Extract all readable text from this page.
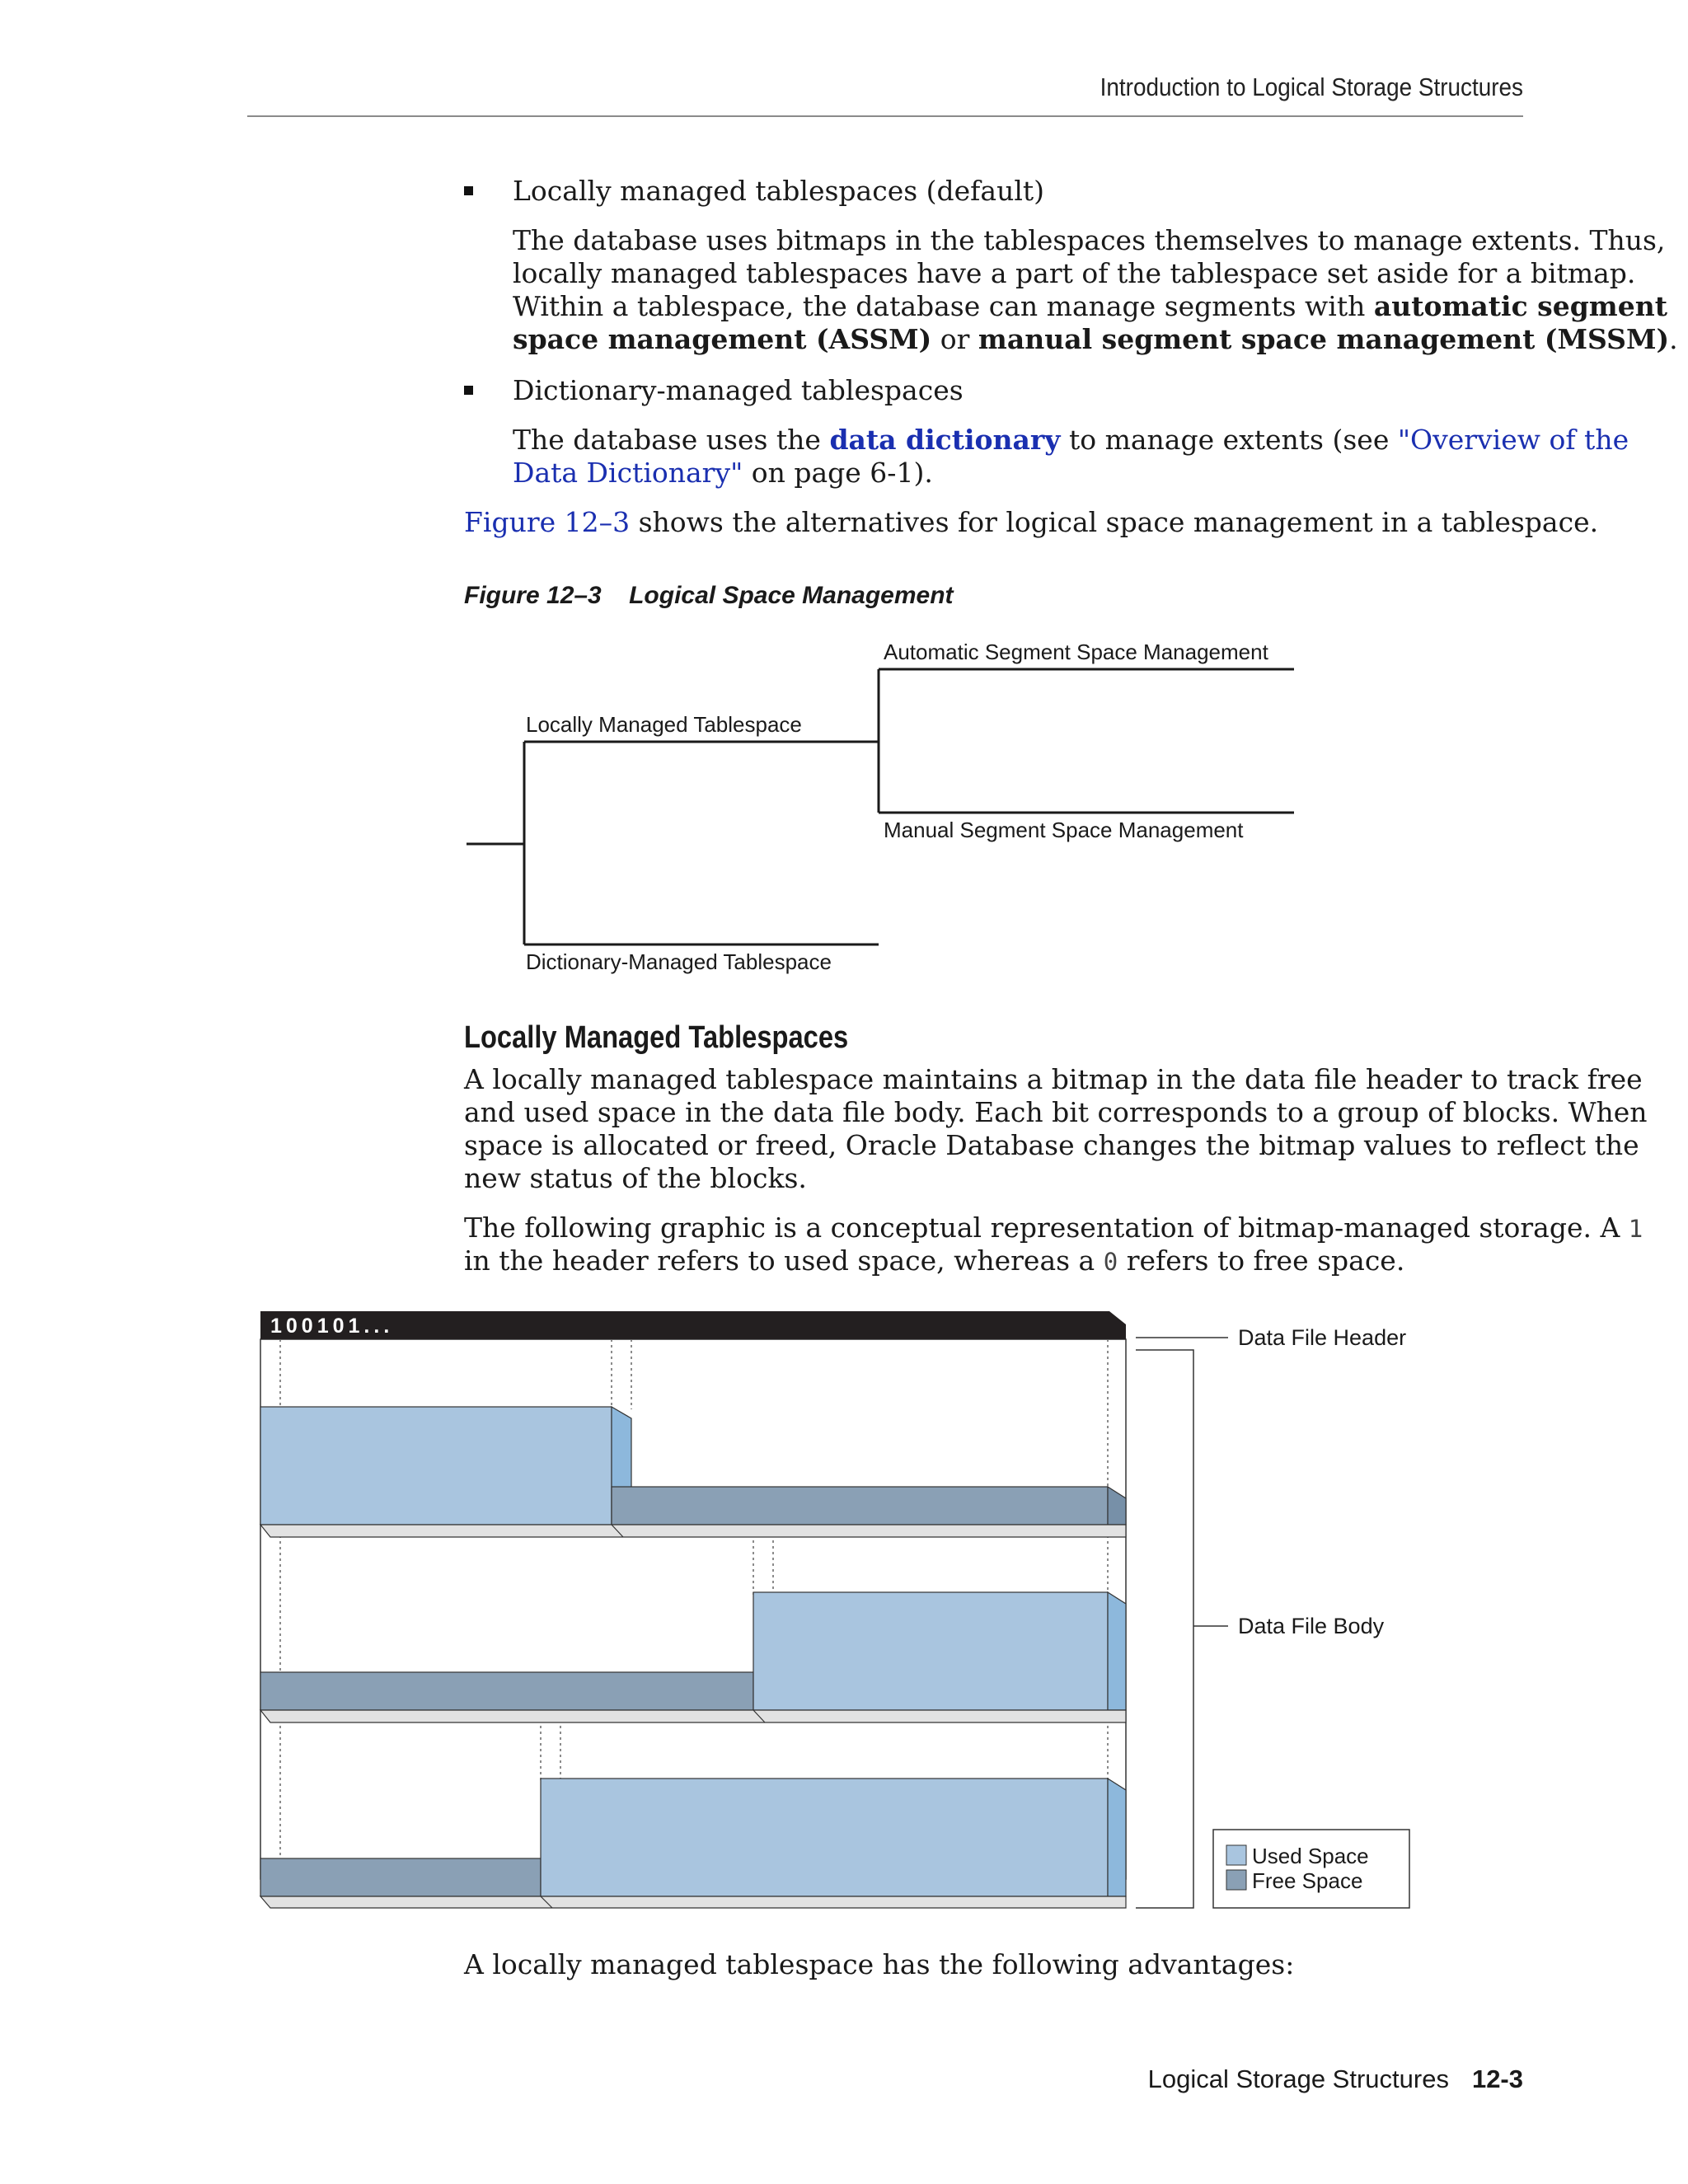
Introduction to Logical Storage Structures
Locally managed tablespaces (default)
The database uses bitmaps in the tablespaces themselves to manage extents. Thus,
locally managed tablespaces have a part of the tablespace set aside for a bitmap.
Within a tablespace, the database can manage segments with automatic segment
space management (ASSM) or manual segment space management (MSSM).
Dictionary-managed tablespaces
The database uses the data dictionary to manage extents (see "Overview of the
Data Dictionary" on page 6-1).
Figure 12–3 shows the alternatives for logical space management in a tablespace.
Figure 12–3 Logical Space Management
Automatic Segment Space Management
Locally Managed Tablespace
Manual Segment Space Management
Dictionary-Managed Tablespace
Locally Managed Tablespaces
A locally managed tablespace maintains a bitmap in the data file header to track free
and used space in the data file body. Each bit corresponds to a group of blocks. When
space is allocated or freed, Oracle Database changes the bitmap values to reflect the
new status of the blocks.
The following graphic is a conceptual representation of bitmap-managed storage. A 1
in the header refers to used space, whereas a 0 refers to free space.
100101...	Data File Header
Data File Body
Used Space
Free Space
A locally managed tablespace has the following advantages:
Logical Storage Structures 12-3
